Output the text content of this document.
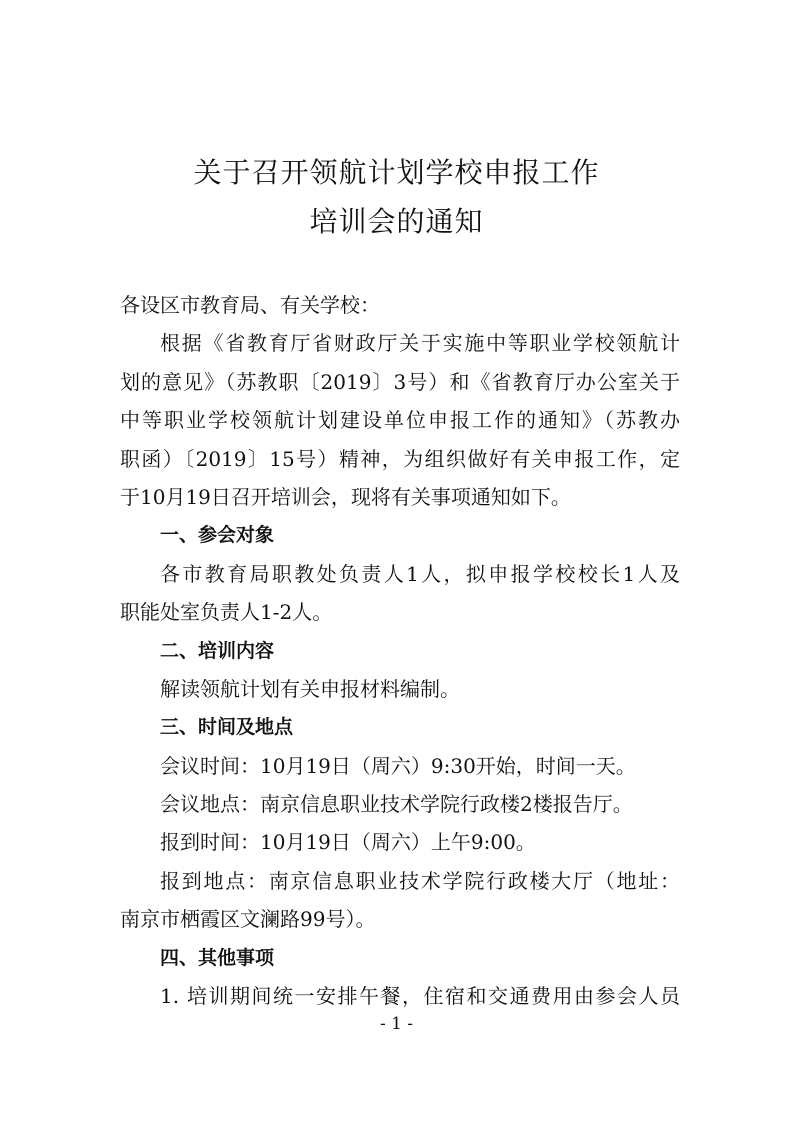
关于召开领航计划学校申报工作
培训会的通知
各设区市教育局、有关学校：
根据《省教育厅省财政厅关于实施中等职业学校领航计
划的意见》（苏教职〔2019〕3号）和《省教育厅办公室关于
中等职业学校领航计划建设单位申报工作的通知》（苏教办
职函）〔2019〕15号）精神，为组织做好有关申报工作，定
于10月19日召开培训会，现将有关事项通知如下。
一、参会对象
各市教育局职教处负责人1人，拟申报学校校长1人及
职能处室负责人1-2人。
二、培训内容
解读领航计划有关申报材料编制。
三、时间及地点
会议时间：10月19日（周六）9:30开始，时间一天。
会议地点：南京信息职业技术学院行政楼2楼报告厅。
报到时间：10月19日（周六）上午9:00。
报到地点：南京信息职业技术学院行政楼大厅（地址：
南京市栖霞区文澜路99号）。
四、其他事项
1. 培训期间统一安排午餐，住宿和交通费用由参会人员
- 1 -
